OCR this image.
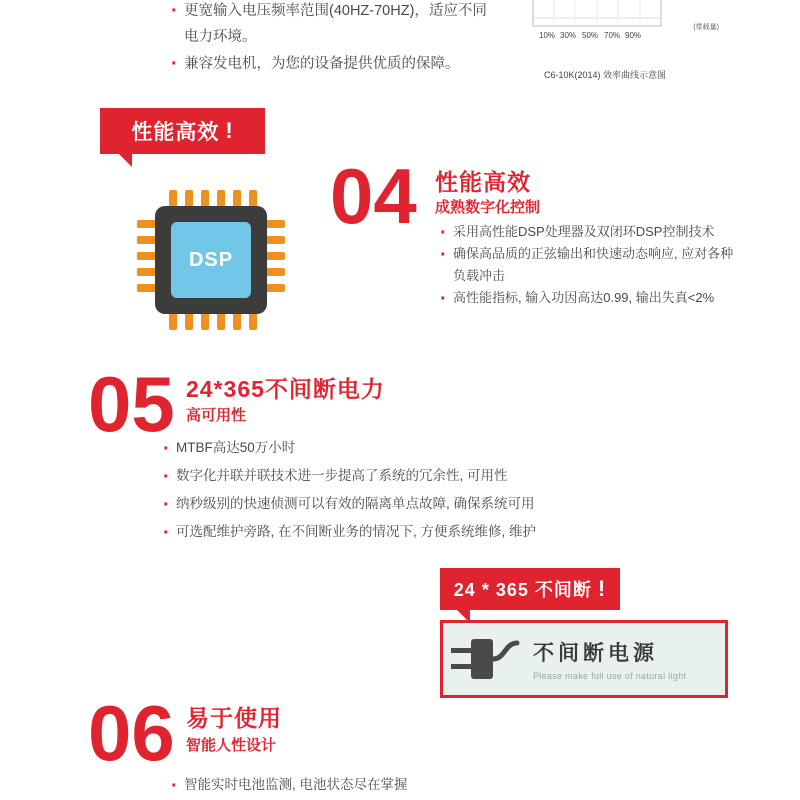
· 更宽输入电压频率范围(40HZ-70HZ)，适应不同
电力环境。
· 兼容发电机，为您的设备提供优质的保障。
10% 30% 50% 70% 90%
(带载量)
C6-10K(2014) 效率曲线示意图
性能高效 !
DSP
04 性能高效
成熟数字化控制
· 采用高性能DSP处理器及双闭环DSP控制技术
· 确保高品质的正弦输出和快速动态响应, 应对各种
负载冲击
· 高性能指标, 输入功因高达0.99, 输出失真<2%
05 24*365不间断电力
高可用性
· MTBF高达50万小时
· 数字化并联并联技术进一步提高了系统的冗余性, 可用性
· 纳秒级别的快速侦测可以有效的隔离单点故障, 确保系统可用
· 可选配维护旁路, 在不间断业务的情况下, 方便系统维修, 维护
24 * 365 不间断 !
不间断电源
Please make full use of natural light
06 易于使用
智能人性设计
· 智能实时电池监测, 电池状态尽在掌握
